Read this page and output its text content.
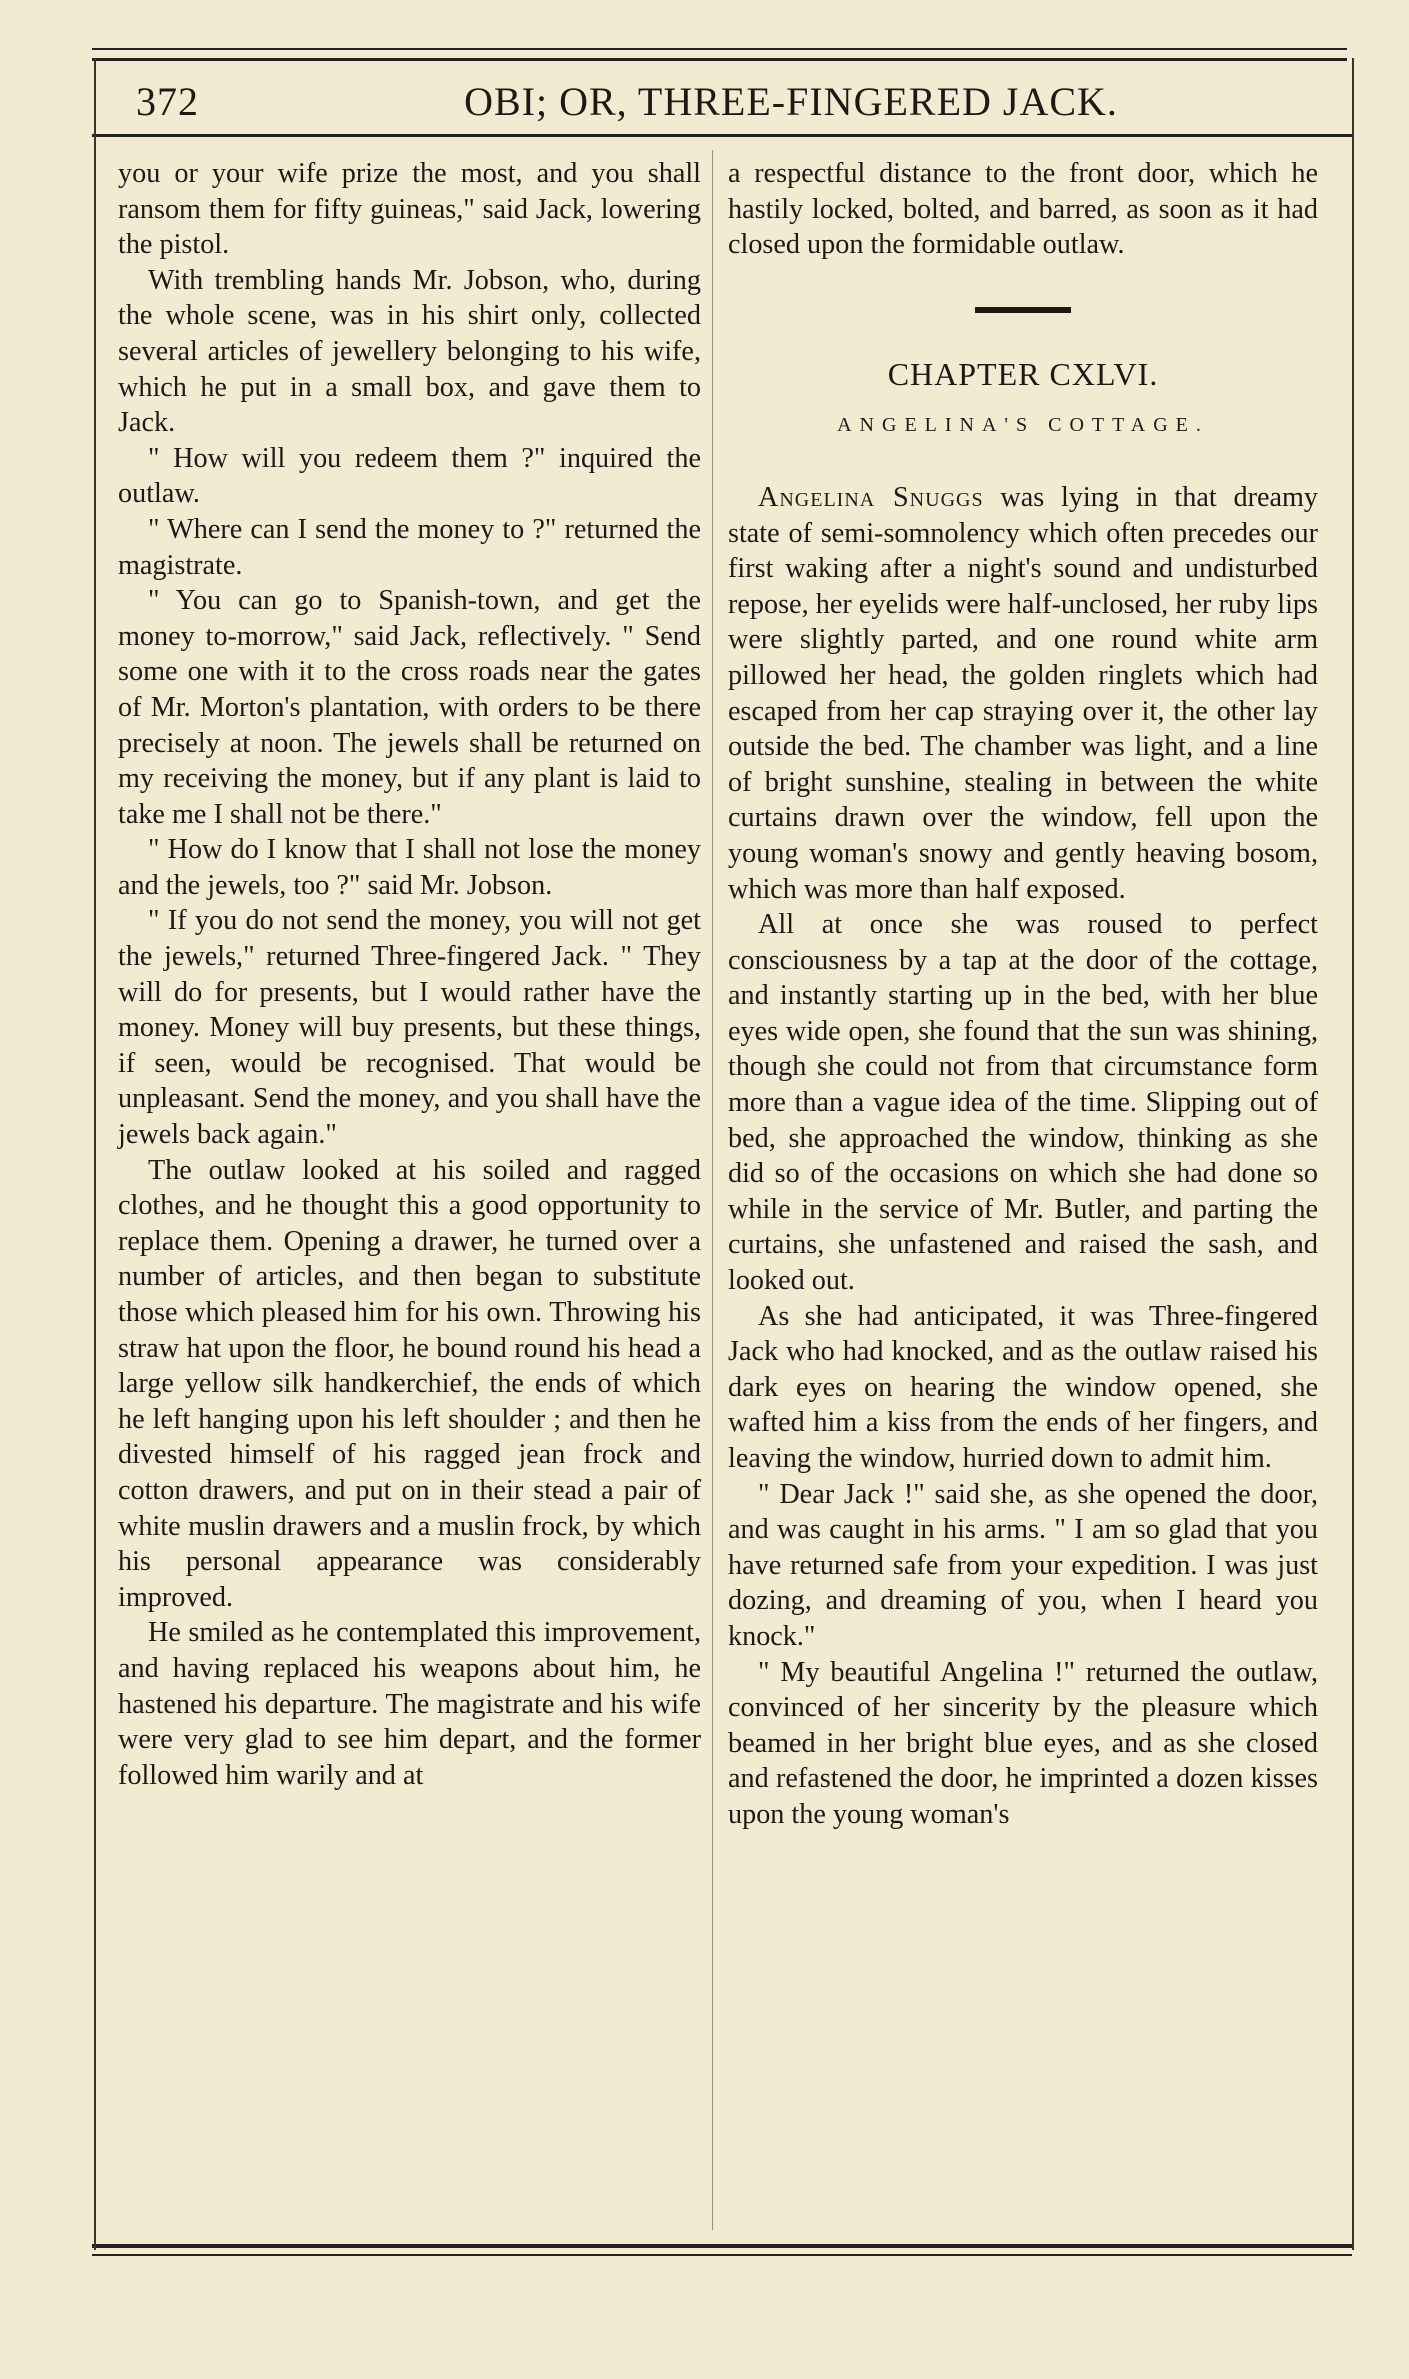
372	OBI; OR, THREE-FINGERED JACK.

you or your wife prize the most, and you shall ransom them for fifty guineas," said Jack, lowering the pistol.

With trembling hands Mr. Jobson, who, during the whole scene, was in his shirt only, collected several articles of jewellery belonging to his wife, which he put in a small box, and gave them to Jack.

" How will you redeem them ?" inquired the outlaw.

" Where can I send the money to ?" returned the magistrate.

" You can go to Spanish-town, and get the money to-morrow," said Jack, reflectively. " Send some one with it to the cross roads near the gates of Mr. Morton's plantation, with orders to be there precisely at noon. The jewels shall be returned on my receiving the money, but if any plant is laid to take me I shall not be there."

" How do I know that I shall not lose the money and the jewels, too ?" said Mr. Jobson.

" If you do not send the money, you will not get the jewels," returned Three-fingered Jack. " They will do for presents, but I would rather have the money. Money will buy presents, but these things, if seen, would be recognised. That would be unpleasant. Send the money, and you shall have the jewels back again."

The outlaw looked at his soiled and ragged clothes, and he thought this a good opportunity to replace them. Opening a drawer, he turned over a number of articles, and then began to substitute those which pleased him for his own. Throwing his straw hat upon the floor, he bound round his head a large yellow silk handkerchief, the ends of which he left hanging upon his left shoulder ; and then he divested himself of his ragged jean frock and cotton drawers, and put on in their stead a pair of white muslin drawers and a muslin frock, by which his personal appearance was considerably improved.

He smiled as he contemplated this improvement, and having replaced his weapons about him, he hastened his departure. The magistrate and his wife were very glad to see him depart, and the former followed him warily and at

a respectful distance to the front door, which he hastily locked, bolted, and barred, as soon as it had closed upon the formidable outlaw.

CHAPTER CXLVI.
ANGELINA'S COTTAGE.

Angelina Snuggs was lying in that dreamy state of semi-somnolency which often precedes our first waking after a night's sound and undisturbed repose, her eyelids were half-unclosed, her ruby lips were slightly parted, and one round white arm pillowed her head, the golden ringlets which had escaped from her cap straying over it, the other lay outside the bed. The chamber was light, and a line of bright sunshine, stealing in between the white curtains drawn over the window, fell upon the young woman's snowy and gently heaving bosom, which was more than half exposed.

All at once she was roused to perfect consciousness by a tap at the door of the cottage, and instantly starting up in the bed, with her blue eyes wide open, she found that the sun was shining, though she could not from that circumstance form more than a vague idea of the time. Slipping out of bed, she approached the window, thinking as she did so of the occasions on which she had done so while in the service of Mr. Butler, and parting the curtains, she unfastened and raised the sash, and looked out.

As she had anticipated, it was Three-fingered Jack who had knocked, and as the outlaw raised his dark eyes on hearing the window opened, she wafted him a kiss from the ends of her fingers, and leaving the window, hurried down to admit him.

" Dear Jack !" said she, as she opened the door, and was caught in his arms. " I am so glad that you have returned safe from your expedition. I was just dozing, and dreaming of you, when I heard you knock."

" My beautiful Angelina !" returned the outlaw, convinced of her sincerity by the pleasure which beamed in her bright blue eyes, and as she closed and refastened the door, he imprinted a dozen kisses upon the young woman's
